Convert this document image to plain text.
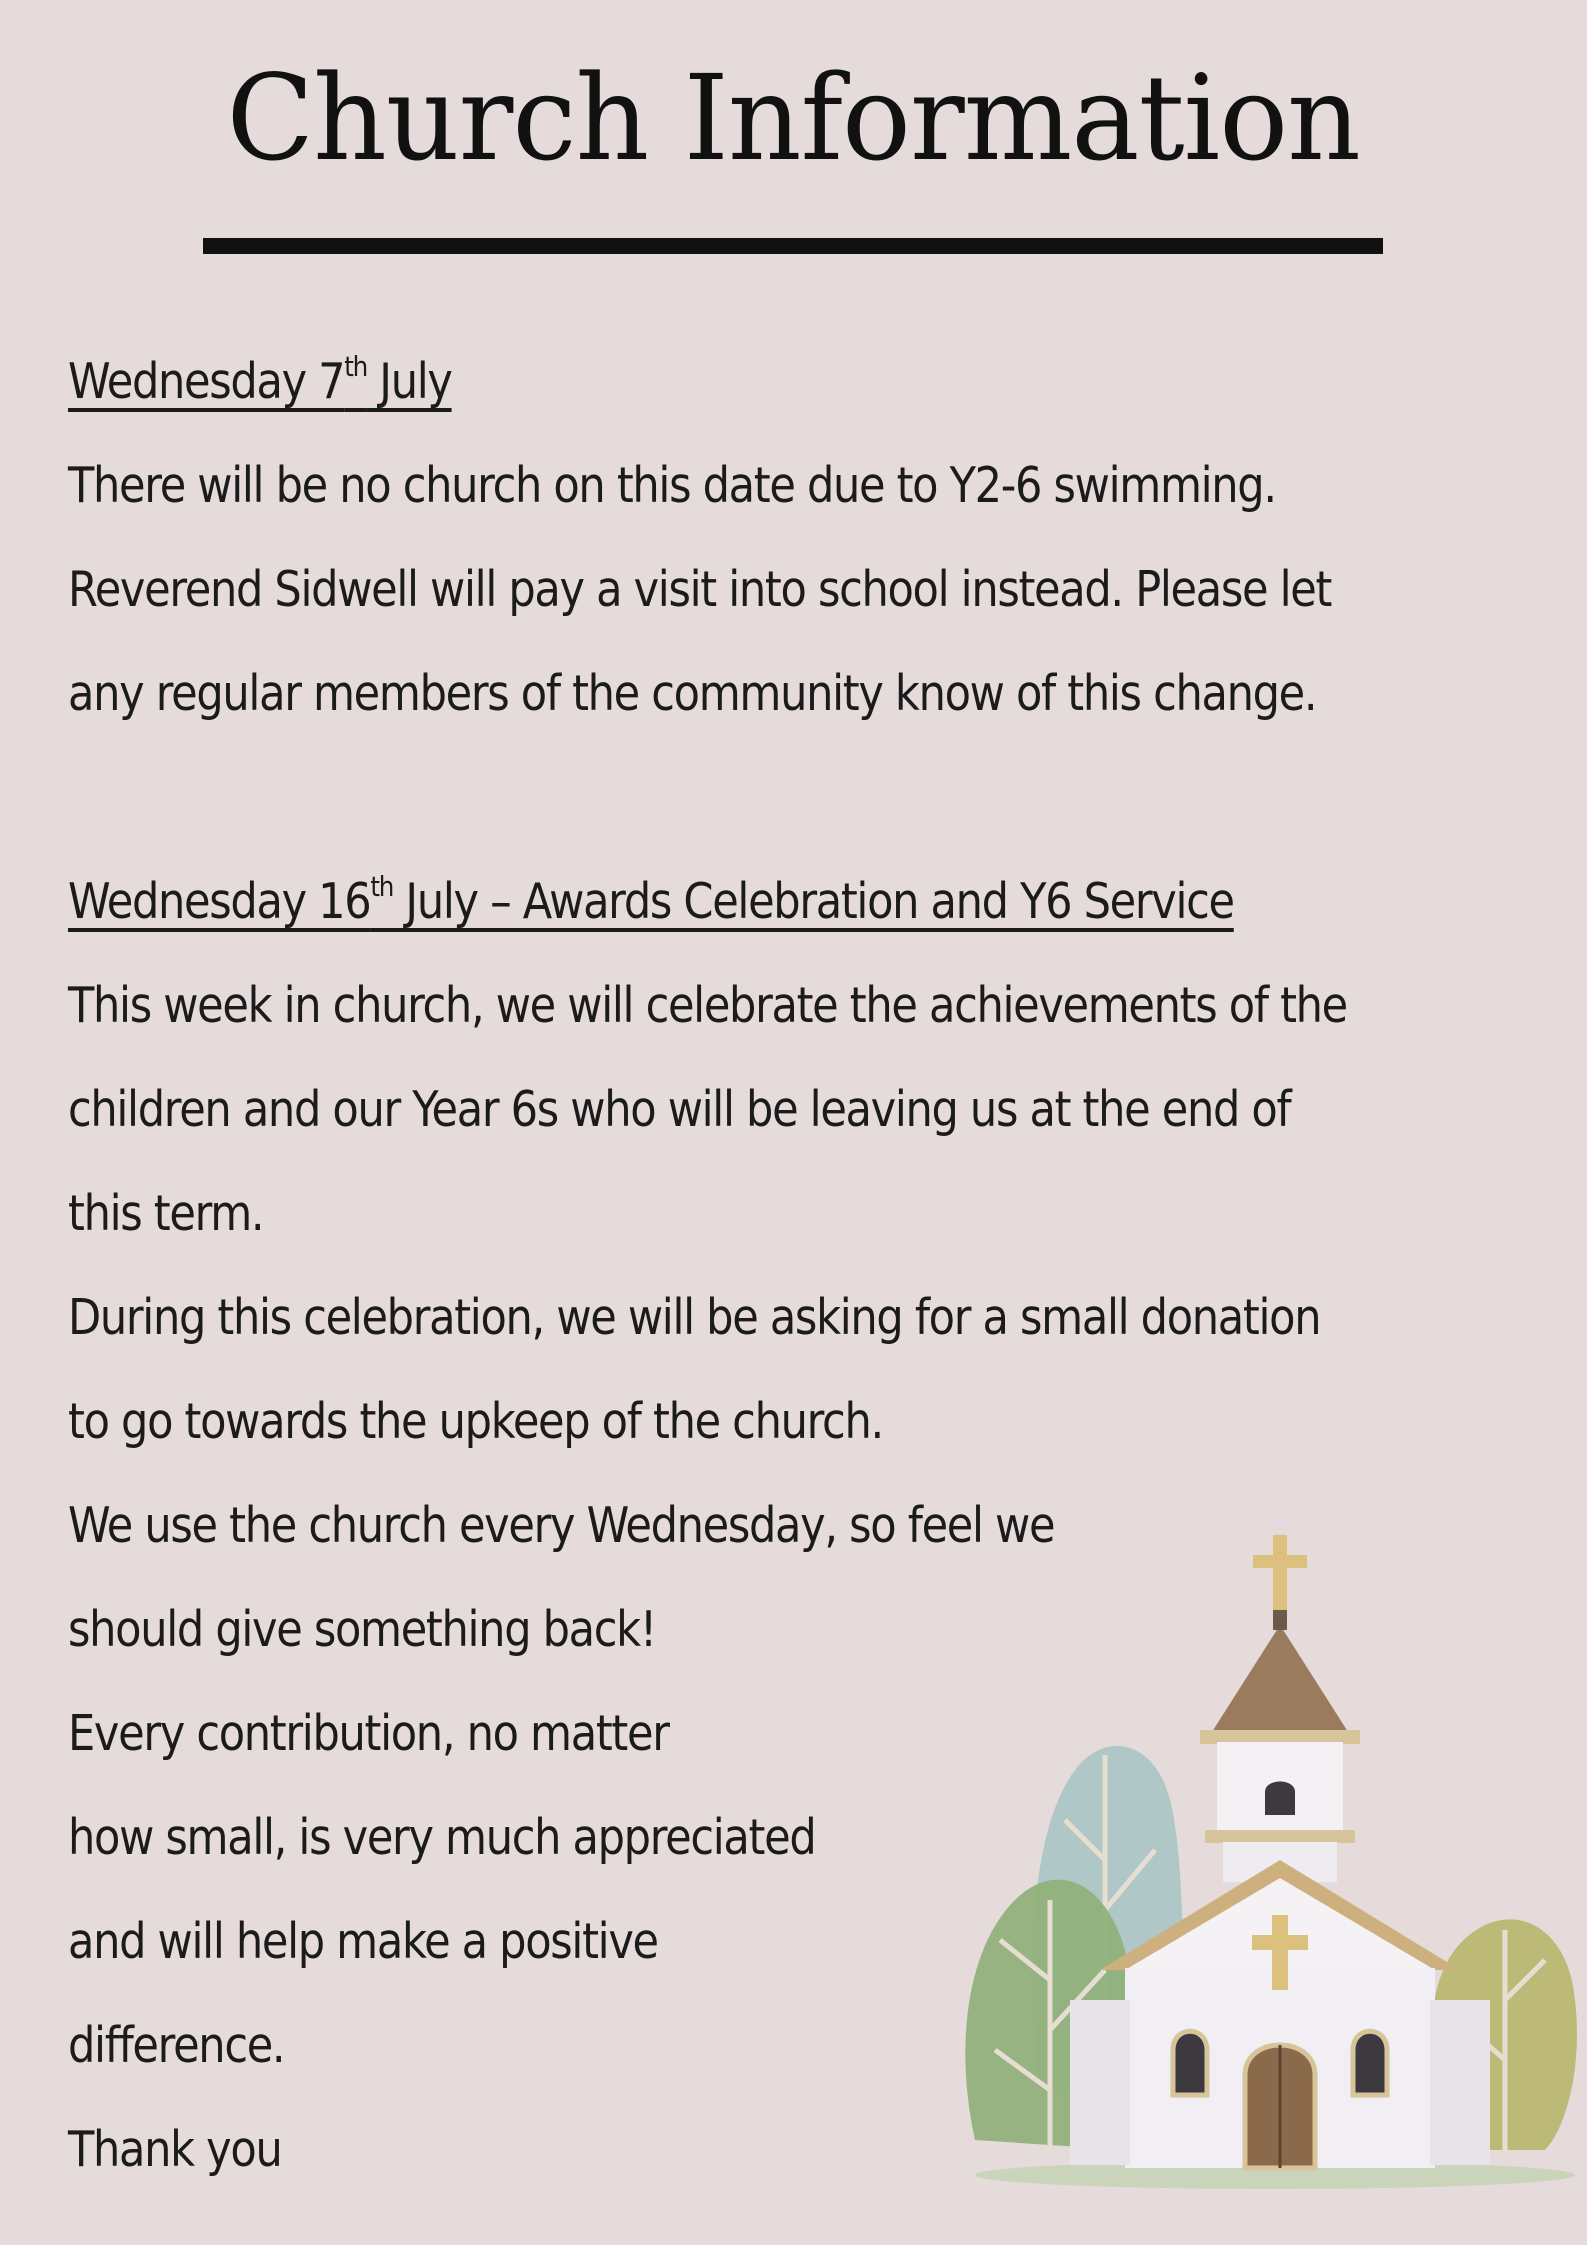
Church Information
Wednesday 7th July
There will be no church on this date due to Y2-6 swimming.
Reverend Sidwell will pay a visit into school instead. Please let
any regular members of the community know of this change.
Wednesday 16th July – Awards Celebration and Y6 Service
This week in church, we will celebrate the achievements of the
children and our Year 6s who will be leaving us at the end of
this term.
During this celebration, we will be asking for a small donation
to go towards the upkeep of the church.
We use the church every Wednesday, so feel we
should give something back!
Every contribution, no matter
how small, is very much appreciated
and will help make a positive
difference.
Thank you
